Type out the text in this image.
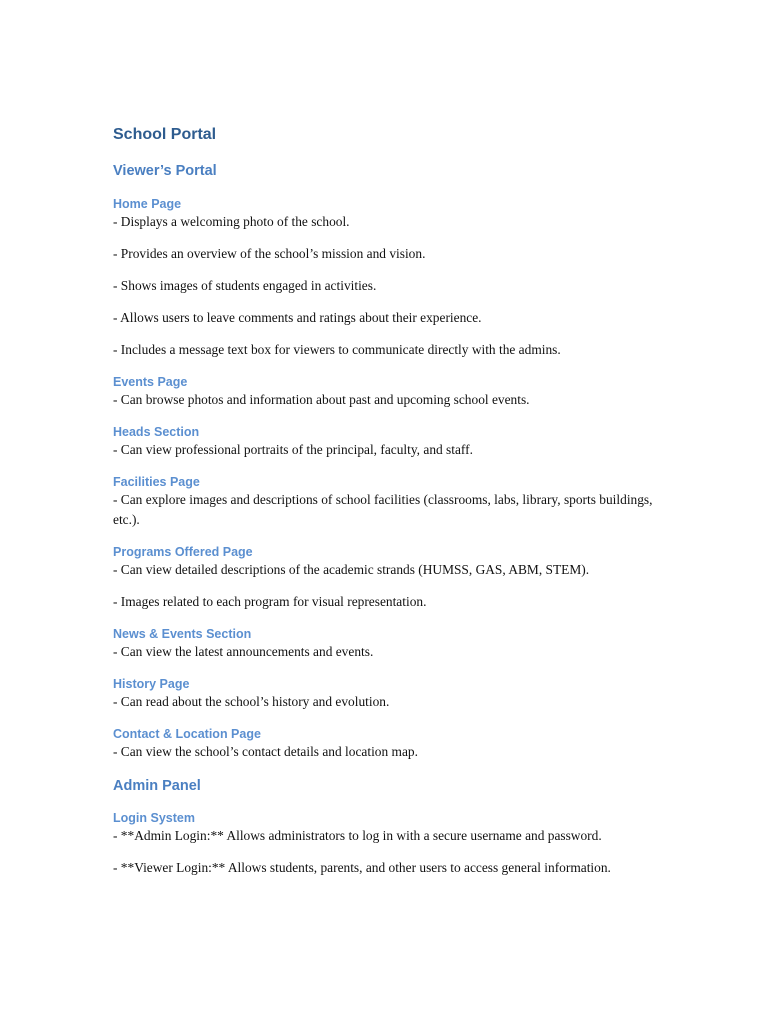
School Portal
Viewer’s Portal
Home Page

- Displays a welcoming photo of the school.

- Provides an overview of the school’s mission and vision.

- Shows images of students engaged in activities.

- Allows users to leave comments and ratings about their experience.

- Includes a message text box for viewers to communicate directly with the admins.

Events Page

- Can browse photos and information about past and upcoming school events.

Heads Section

- Can view professional portraits of the principal, faculty, and staff.

Facilities Page

- Can explore images and descriptions of school facilities (classrooms, labs, library, sports buildings, etc.).

Programs Offered Page

- Can view detailed descriptions of the academic strands (HUMSS, GAS, ABM, STEM).

- Images related to each program for visual representation.

News & Events Section

- Can view the latest announcements and events.

History Page

- Can read about the school’s history and evolution.

Contact & Location Page

- Can view the school’s contact details and location map.

Admin Panel
Login System

- **Admin Login:** Allows administrators to log in with a secure username and password.

- **Viewer Login:** Allows students, parents, and other users to access general information.
